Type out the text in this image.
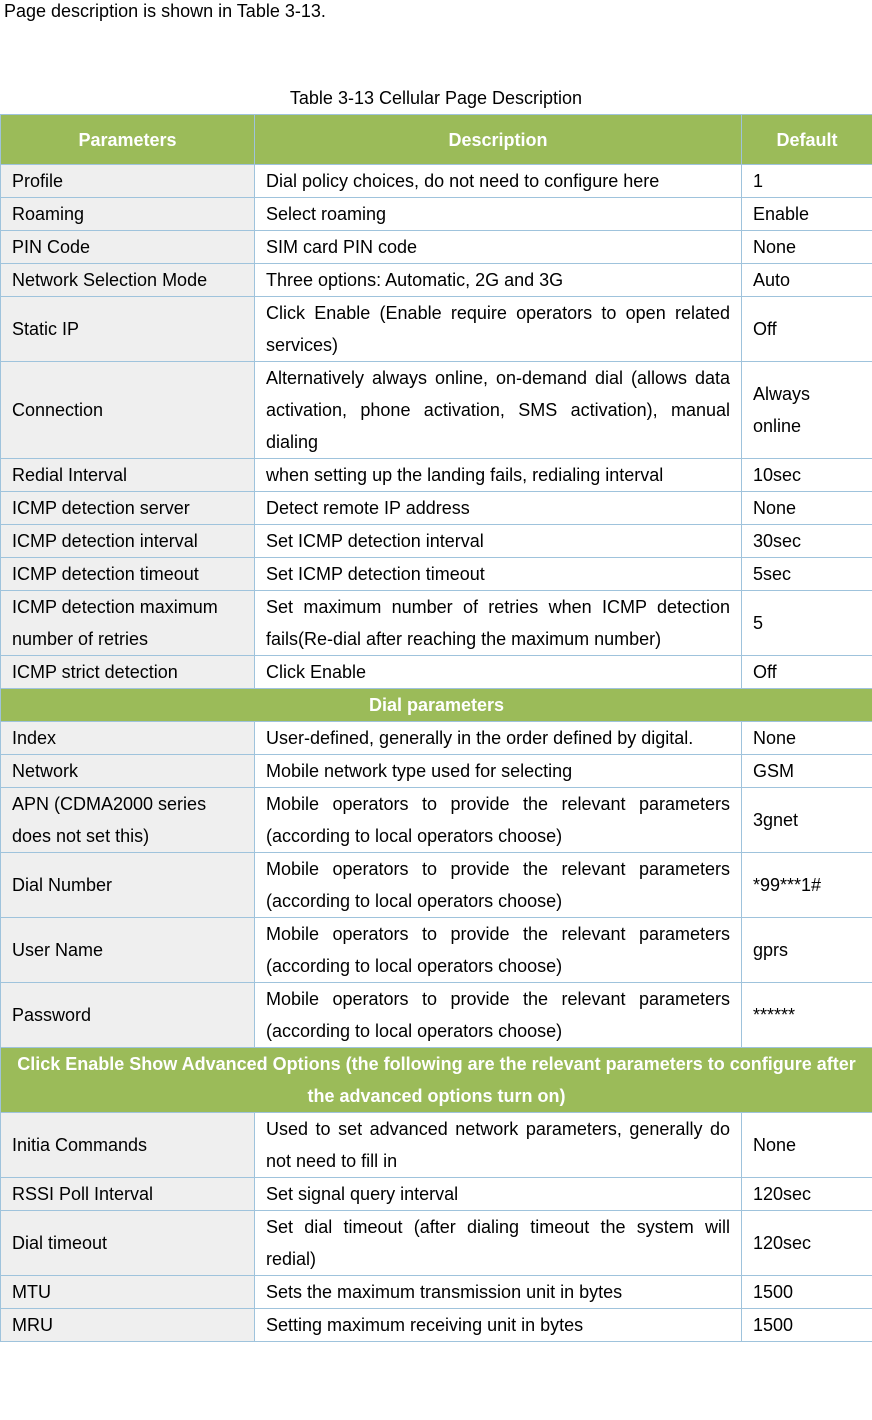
Page description is shown in Table 3-13.
Table 3-13 Cellular Page Description
Parameters	Description	Default
Profile	Dial policy choices, do not need to configure here	1
Roaming	Select roaming	Enable
PIN Code	SIM card PIN code	None
Network Selection Mode	Three options: Automatic, 2G and 3G	Auto
Static IP	Click Enable (Enable require operators to open related services)	Off
Connection	Alternatively always online, on-demand dial (allows data activation, phone activation, SMS activation), manual dialing	Always online
Redial Interval	when setting up the landing fails, redialing interval	10sec
ICMP detection server	Detect remote IP address	None
ICMP detection interval	Set ICMP detection interval	30sec
ICMP detection timeout	Set ICMP detection timeout	5sec
ICMP detection maximum number of retries	Set maximum number of retries when ICMP detection fails(Re-dial after reaching the maximum number)	5
ICMP strict detection	Click Enable	Off
Dial parameters		
Index	User-defined, generally in the order defined by digital.	None
Network	Mobile network type used for selecting	GSM
APN (CDMA2000 series does not set this)	Mobile operators to provide the relevant parameters (according to local operators choose)	3gnet
Dial Number	Mobile operators to provide the relevant parameters (according to local operators choose)	*99***1#
User Name	Mobile operators to provide the relevant parameters (according to local operators choose)	gprs
Password	Mobile operators to provide the relevant parameters (according to local operators choose)	******
Click Enable Show Advanced Options (the following are the relevant parameters to configure after the advanced options turn on)		
Initia Commands	Used to set advanced network parameters, generally do not need to fill in	None
RSSI Poll Interval	Set signal query interval	120sec
Dial timeout	Set dial timeout (after dialing timeout the system will redial)	120sec
MTU	Sets the maximum transmission unit in bytes	1500
MRU	Setting maximum receiving unit in bytes	1500
